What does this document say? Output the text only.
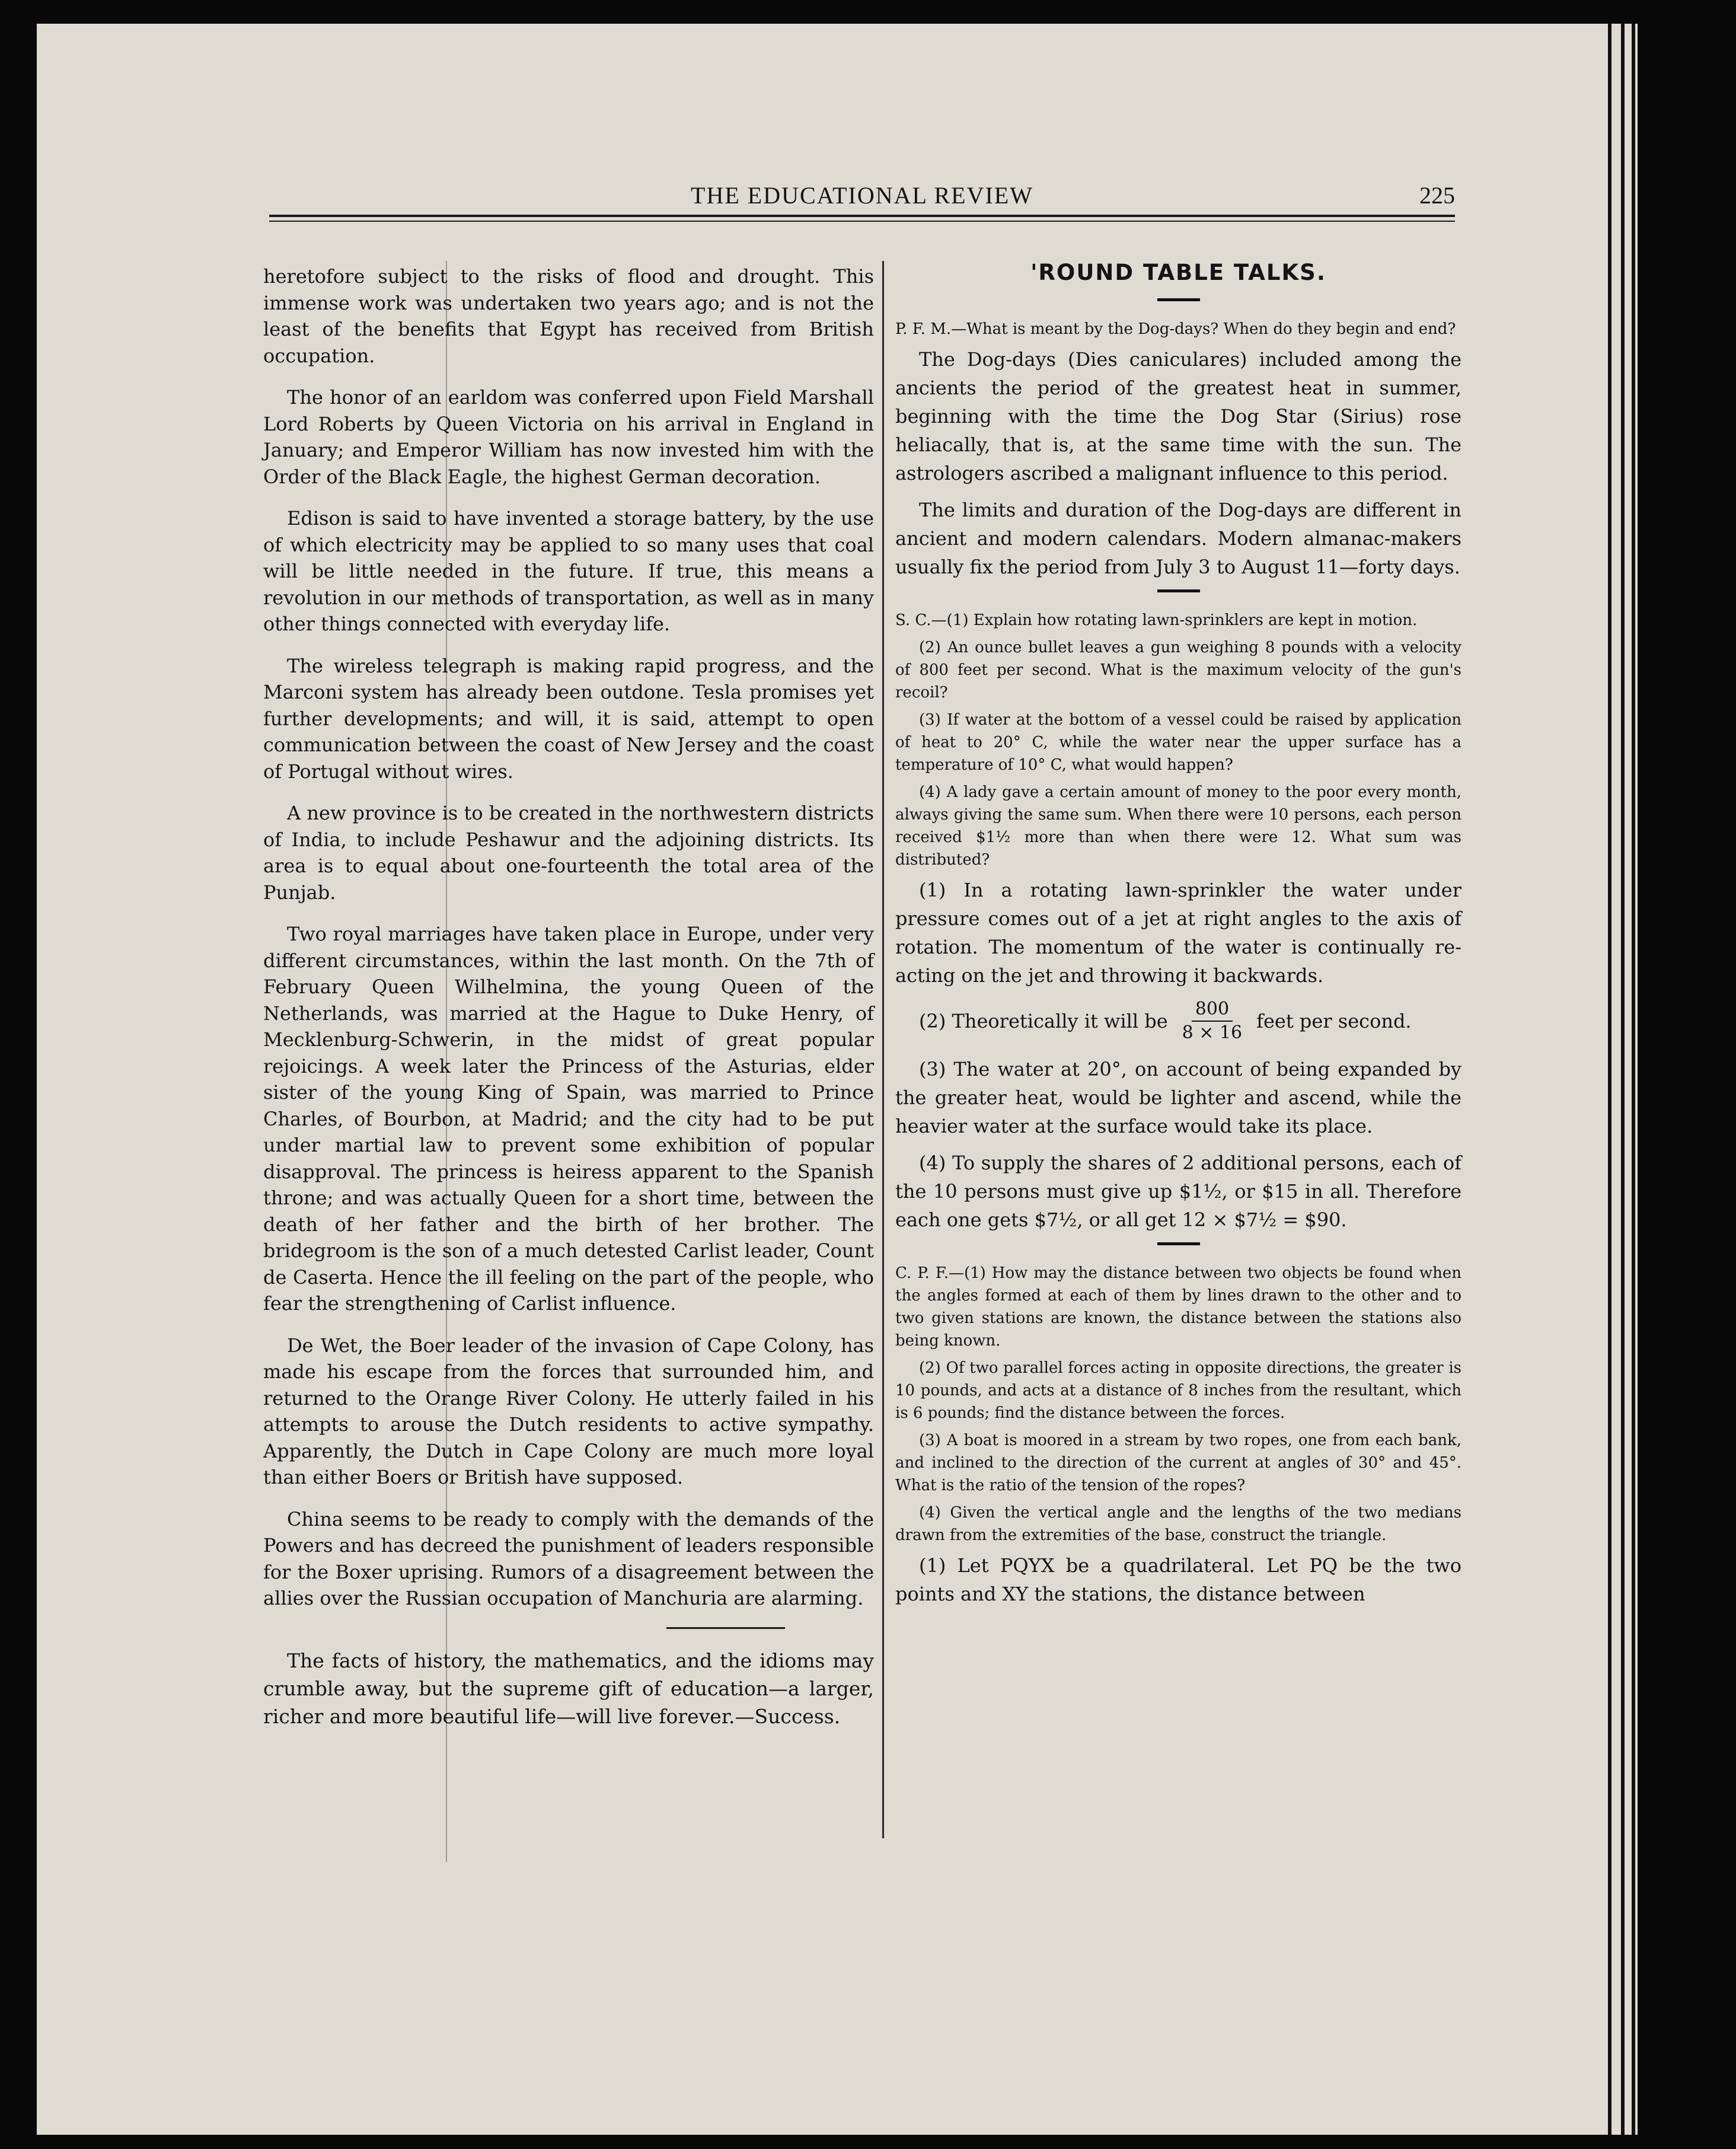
THE EDUCATIONAL REVIEW	225

heretofore subject to the risks of flood and drought. This immense work was undertaken two years ago; and is not the least of the benefits that Egypt has received from British occupation.

The honor of an earldom was conferred upon Field Marshall Lord Roberts by Queen Victoria on his arrival in England in January; and Emperor William has now invested him with the Order of the Black Eagle, the highest German decoration.

Edison is said to have invented a storage battery, by the use of which electricity may be applied to so many uses that coal will be little needed in the future. If true, this means a revolution in our methods of transportation, as well as in many other things connected with everyday life.

The wireless telegraph is making rapid progress, and the Marconi system has already been outdone. Tesla promises yet further developments; and will, it is said, attempt to open communication between the coast of New Jersey and the coast of Portugal without wires.

A new province is to be created in the northwestern districts of India, to include Peshawur and the adjoining districts. Its area is to equal about one-fourteenth the total area of the Punjab.

Two royal marriages have taken place in Europe, under very different circumstances, within the last month. On the 7th of February Queen Wilhelmina, the young Queen of the Netherlands, was married at the Hague to Duke Henry, of Mecklenburg-Schwerin, in the midst of great popular rejoicings. A week later the Princess of the Asturias, elder sister of the young King of Spain, was married to Prince Charles, of Bourbon, at Madrid; and the city had to be put under martial law to prevent some exhibition of popular disapproval. The princess is heiress apparent to the Spanish throne; and was actually Queen for a short time, between the death of her father and the birth of her brother. The bridegroom is the son of a much detested Carlist leader, Count de Caserta. Hence the ill feeling on the part of the people, who fear the strengthening of Carlist influence.

De Wet, the Boer leader of the invasion of Cape Colony, has made his escape from the forces that surrounded him, and returned to the Orange River Colony. He utterly failed in his attempts to arouse the Dutch residents to active sympathy. Apparently, the Dutch in Cape Colony are much more loyal than either Boers or British have supposed.

China seems to be ready to comply with the demands of the Powers and has decreed the punishment of leaders responsible for the Boxer uprising. Rumors of a disagreement between the allies over the Russian occupation of Manchuria are alarming.

The facts of history, the mathematics, and the idioms may crumble away, but the supreme gift of education—a larger, richer and more beautiful life—will live forever.—Success.
'ROUND TABLE TALKS.
P. F. M.—What is meant by the Dog-days? When do they begin and end?
The Dog-days (Dies caniculares) included among the ancients the period of the greatest heat in summer, beginning with the time the Dog Star (Sirius) rose heliacally, that is, at the same time with the sun. The astrologers ascribed a malignant influence to this period.
The limits and duration of the Dog-days are different in ancient and modern calendars. Modern almanac-makers usually fix the period from July 3 to August 11—forty days.
S. C.—(1) Explain how rotating lawn-sprinklers are kept in motion.
(2) An ounce bullet leaves a gun weighing 8 pounds with a velocity of 800 feet per second. What is the maximum velocity of the gun's recoil?
(3) If water at the bottom of a vessel could be raised by application of heat to 20° C, while the water near the upper surface has a temperature of 10° C, what would happen?
(4) A lady gave a certain amount of money to the poor every month, always giving the same sum. When there were 10 persons, each person received $1½ more than when there were 12. What sum was distributed?
(1) In a rotating lawn-sprinkler the water under pressure comes out of a jet at right angles to the axis of rotation. The momentum of the water is continually re-acting on the jet and throwing it backwards.
(2) Theoretically it will be $\frac{800}{8 \times 16}$ feet per second.
(3) The water at 20°, on account of being expanded by the greater heat, would be lighter and ascend, while the heavier water at the surface would take its place.
(4) To supply the shares of 2 additional persons, each of the 10 persons must give up $1½, or $15 in all. Therefore each one gets $7½, or all get 12 × $7½ = $90.
C. P. F.—(1) How may the distance between two objects be found when the angles formed at each of them by lines drawn to the other and to two given stations are known, the distance between the stations also being known.
(2) Of two parallel forces acting in opposite directions, the greater is 10 pounds, and acts at a distance of 8 inches from the resultant, which is 6 pounds; find the distance between the forces.
(3) A boat is moored in a stream by two ropes, one from each bank, and inclined to the direction of the current at angles of 30° and 45°. What is the ratio of the tension of the ropes?
(4) Given the vertical angle and the lengths of the two medians drawn from the extremities of the base, construct the triangle.
(1) Let PQYX be a quadrilateral. Let PQ be the two points and XY the stations, the distance between
